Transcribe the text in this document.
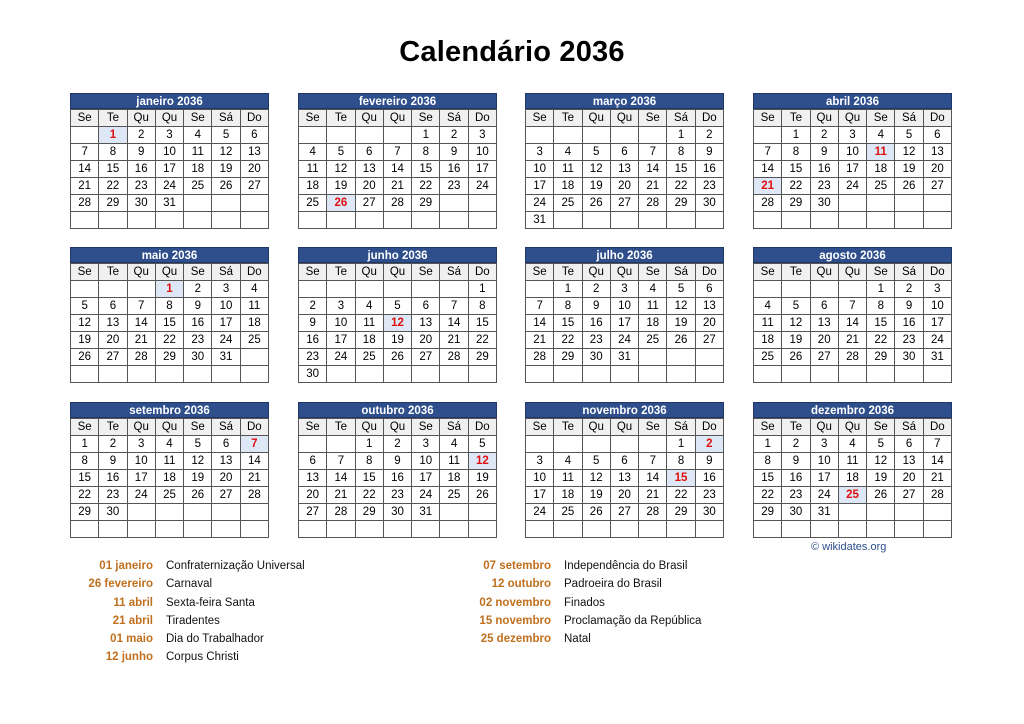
Calendário 2036
janeiro 2036
Se	Te	Qu	Qu	Se	Sá	Do
	1	2	3	4	5	6
7	8	9	10	11	12	13
14	15	16	17	18	19	20
21	22	23	24	25	26	27
28	29	30	31			

fevereiro 2036
Se	Te	Qu	Qu	Se	Sá	Do
				1	2	3
4	5	6	7	8	9	10
11	12	13	14	15	16	17
18	19	20	21	22	23	24
25	26	27	28	29		

março 2036
Se	Te	Qu	Qu	Se	Sá	Do
					1	2
3	4	5	6	7	8	9
10	11	12	13	14	15	16
17	18	19	20	21	22	23
24	25	26	27	28	29	30
31						
abril 2036
Se	Te	Qu	Qu	Se	Sá	Do
	1	2	3	4	5	6
7	8	9	10	11	12	13
14	15	16	17	18	19	20
21	22	23	24	25	26	27
28	29	30				

maio 2036
Se	Te	Qu	Qu	Se	Sá	Do
			1	2	3	4
5	6	7	8	9	10	11
12	13	14	15	16	17	18
19	20	21	22	23	24	25
26	27	28	29	30	31	

junho 2036
Se	Te	Qu	Qu	Se	Sá	Do
						1
2	3	4	5	6	7	8
9	10	11	12	13	14	15
16	17	18	19	20	21	22
23	24	25	26	27	28	29
30						
julho 2036
Se	Te	Qu	Qu	Se	Sá	Do
	1	2	3	4	5	6
7	8	9	10	11	12	13
14	15	16	17	18	19	20
21	22	23	24	25	26	27
28	29	30	31			

agosto 2036
Se	Te	Qu	Qu	Se	Sá	Do
				1	2	3
4	5	6	7	8	9	10
11	12	13	14	15	16	17
18	19	20	21	22	23	24
25	26	27	28	29	30	31

setembro 2036
Se	Te	Qu	Qu	Se	Sá	Do
1	2	3	4	5	6	7
8	9	10	11	12	13	14
15	16	17	18	19	20	21
22	23	24	25	26	27	28
29	30					

outubro 2036
Se	Te	Qu	Qu	Se	Sá	Do
		1	2	3	4	5
6	7	8	9	10	11	12
13	14	15	16	17	18	19
20	21	22	23	24	25	26
27	28	29	30	31		

novembro 2036
Se	Te	Qu	Qu	Se	Sá	Do
					1	2
3	4	5	6	7	8	9
10	11	12	13	14	15	16
17	18	19	20	21	22	23
24	25	26	27	28	29	30

dezembro 2036
Se	Te	Qu	Qu	Se	Sá	Do
1	2	3	4	5	6	7
8	9	10	11	12	13	14
15	16	17	18	19	20	21
22	23	24	25	26	27	28
29	30	31				

© wikidates.org
01 janeiro Confraternização Universal
26 fevereiro Carnaval
11 abril Sexta-feira Santa
21 abril Tiradentes
01 maio Dia do Trabalhador
12 junho Corpus Christi
07 setembro Independência do Brasil
12 outubro Padroeira do Brasil
02 novembro Finados
15 novembro Proclamação da República
25 dezembro Natal
